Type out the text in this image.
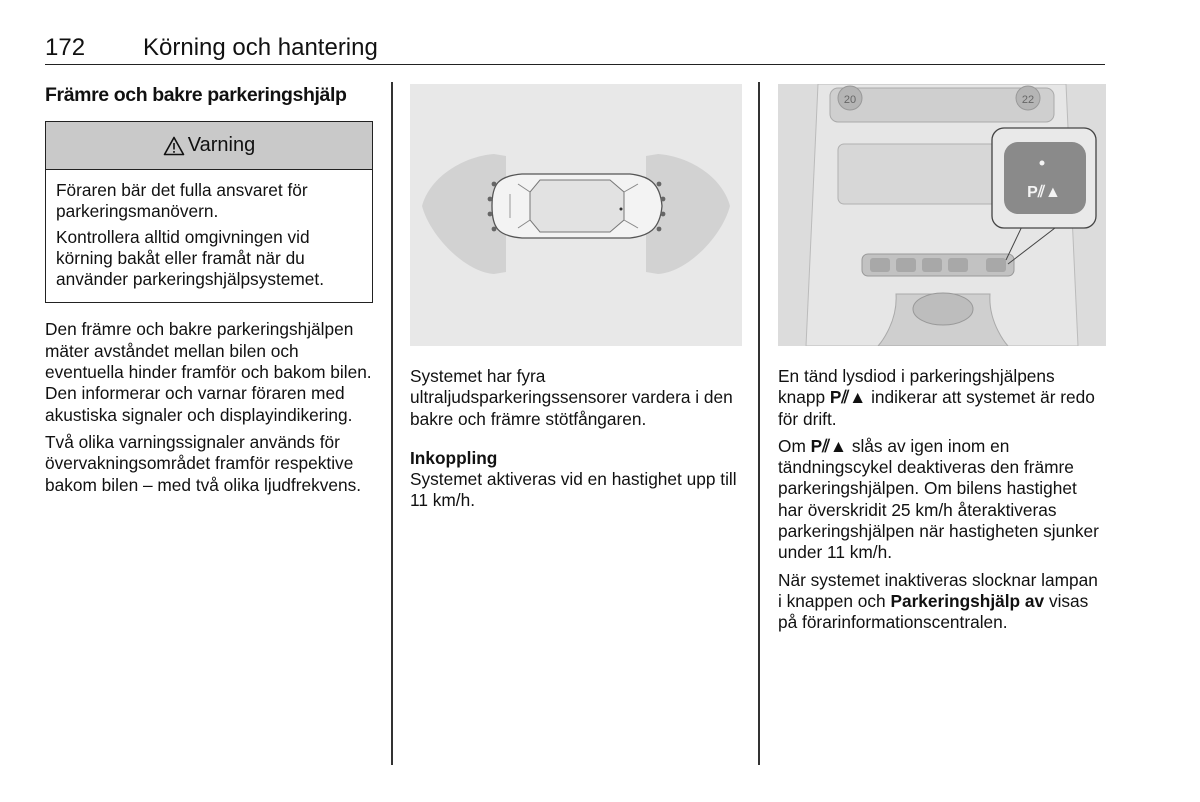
172 Körning och hantering
Främre och bakre parkeringshjälp
Varning

Föraren bär det fulla ansvaret för parkeringsmanövern.

Kontrollera alltid omgivningen vid körning bakåt eller framåt när du använder parkeringshjälpsystemet.

Den främre och bakre parkeringshjälpen mäter avståndet mellan bilen och eventuella hinder framför och bakom bilen. Den informerar och varnar föraren med akustiska signaler och displayindikering.

Två olika varningssignaler används för övervakningsområdet framför respektive bakom bilen – med två olika ljudfrekvens.

Systemet har fyra ultraljudsparkeringssensorer vardera i den bakre och främre stötfångaren.

Inkoppling

Systemet aktiveras vid en hastighet upp till 11 km/h.

20	22
P⫽▲

En tänd lysdiod i parkeringshjälpens knapp P⫽▲ indikerar att systemet är redo för drift.

Om P⫽▲ slås av igen inom en tändningscykel deaktiveras den främre parkeringshjälpen. Om bilens hastighet har överskridit 25 km/h återaktiveras parkeringshjälpen när hastigheten sjunker under 11 km/h.

När systemet inaktiveras slocknar lampan i knappen och Parkeringshjälp av visas på förarinformationscentralen.
